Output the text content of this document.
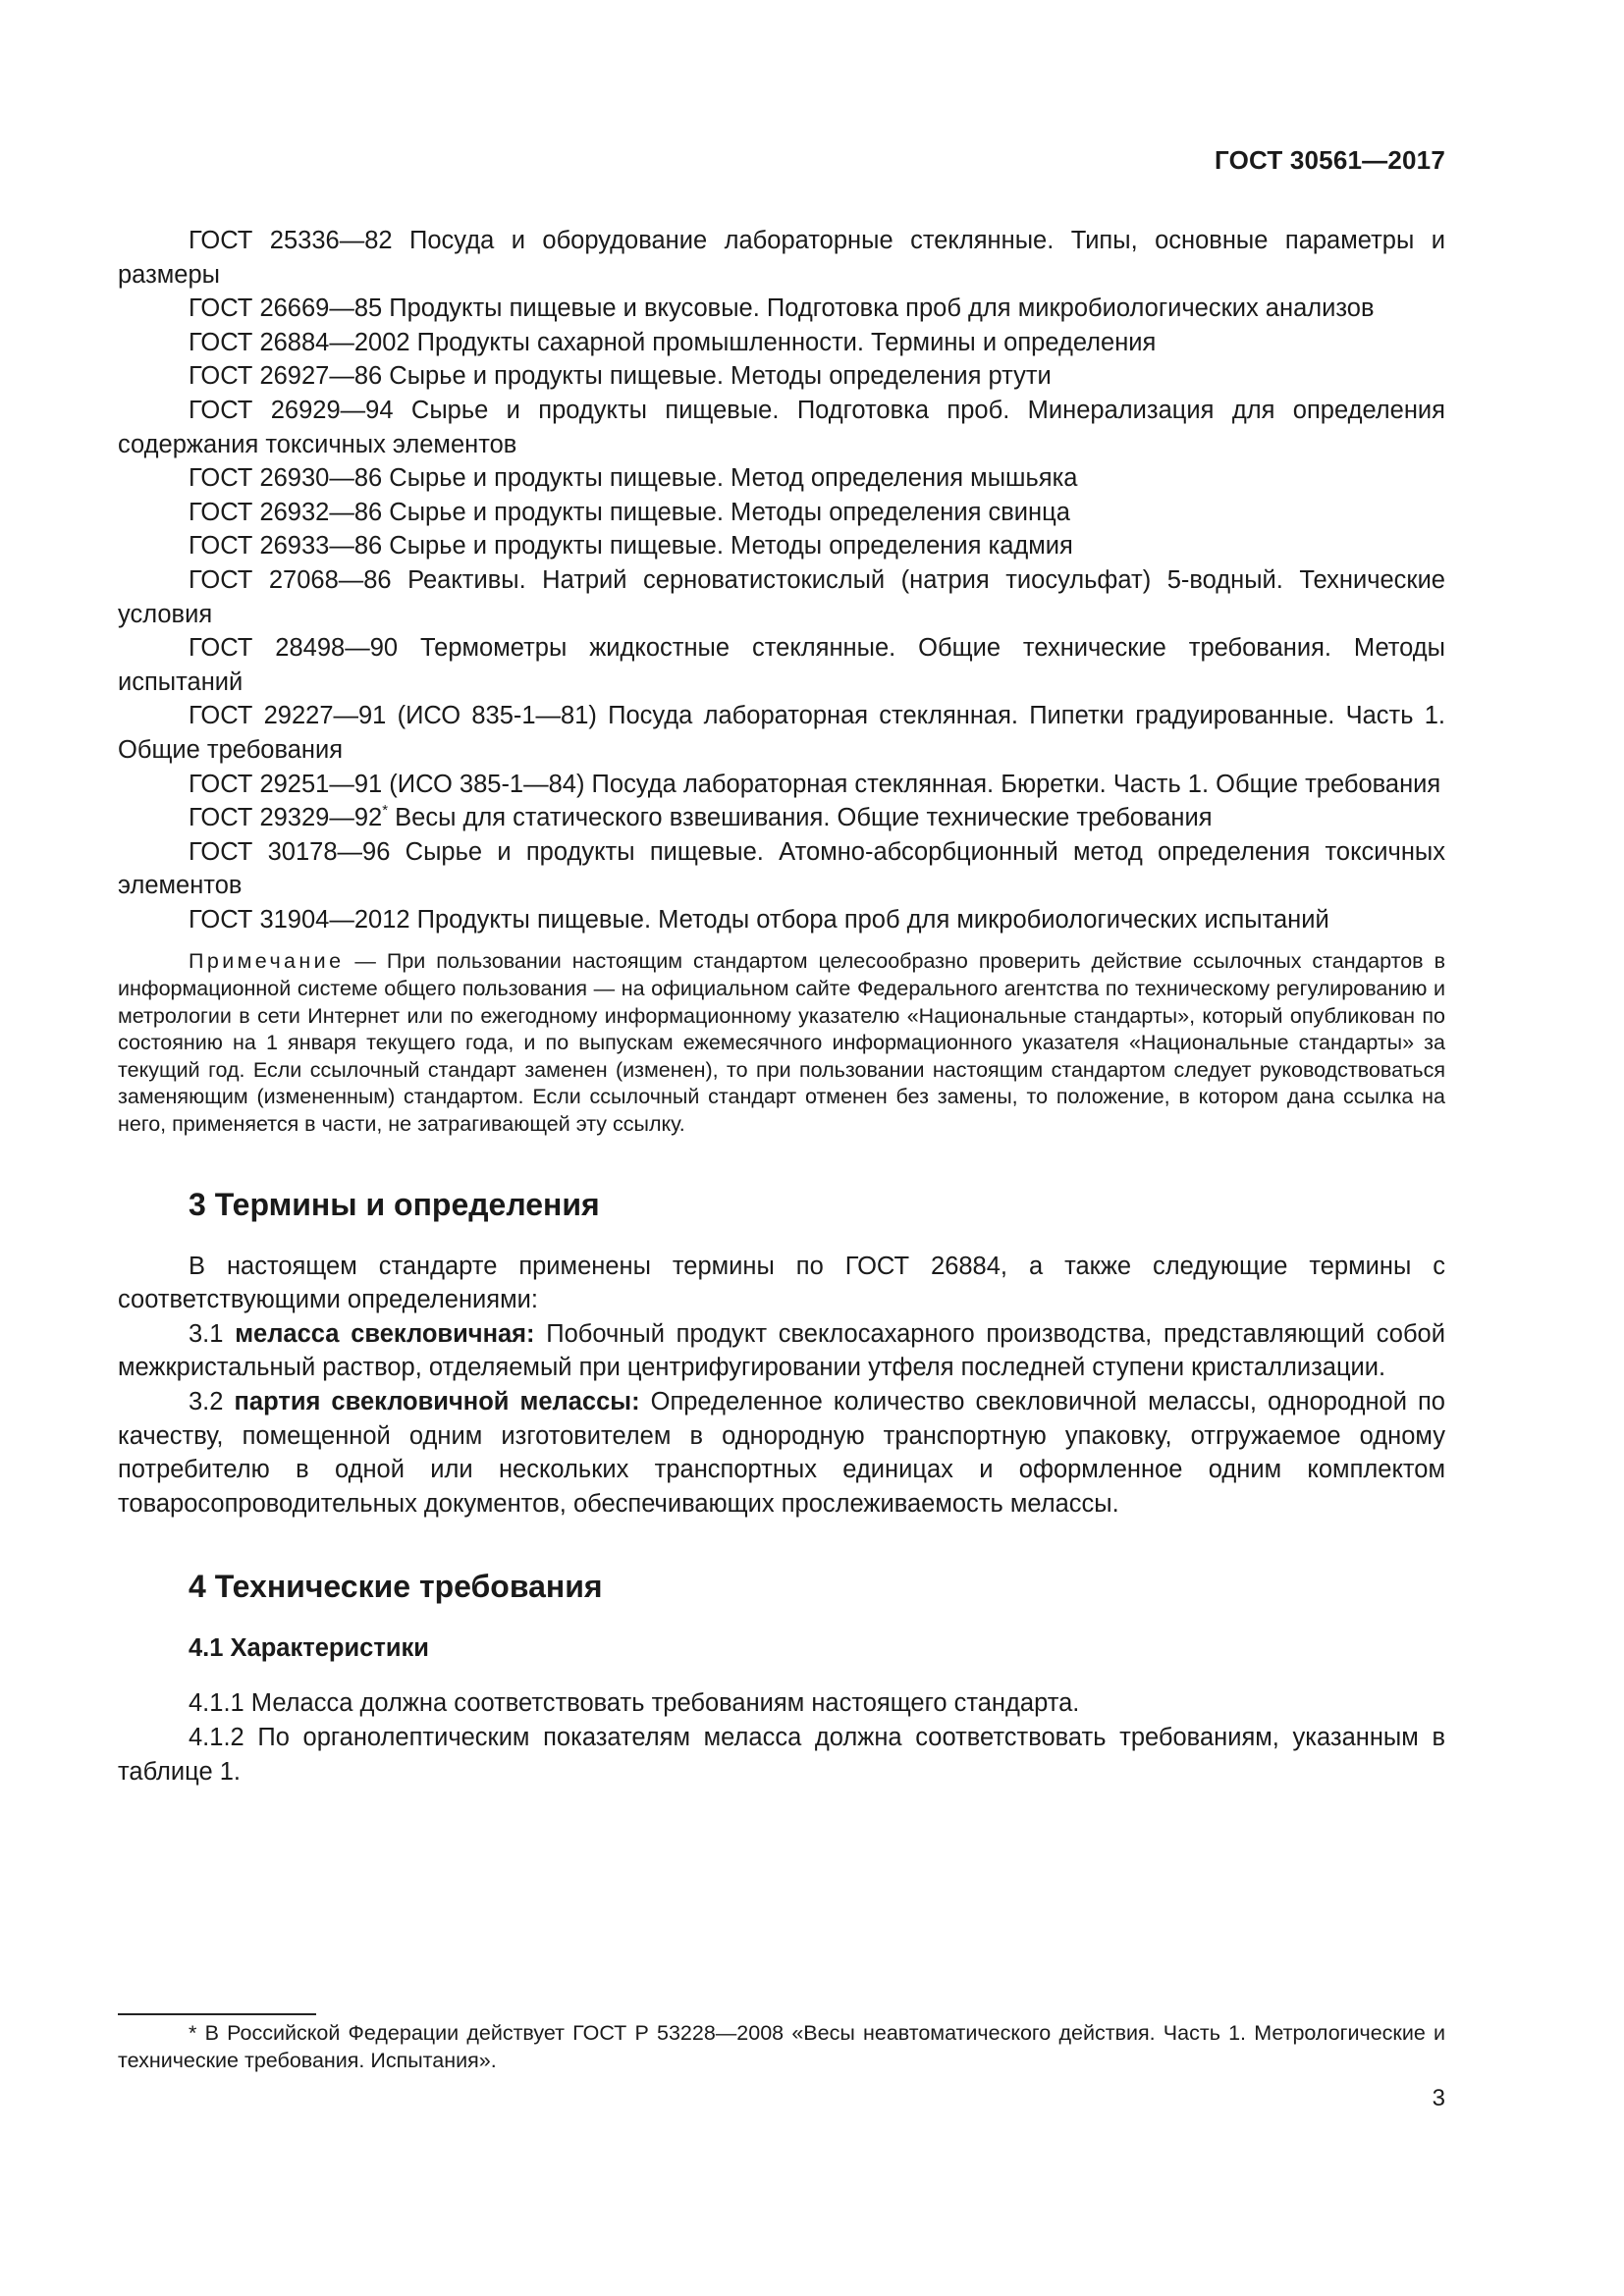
ГОСТ 30561—2017

ГОСТ 25336—82 Посуда и оборудование лабораторные стеклянные. Типы, основные параметры и размеры

ГОСТ 26669—85 Продукты пищевые и вкусовые. Подготовка проб для микробиологических анализов

ГОСТ 26884—2002 Продукты сахарной промышленности. Термины и определения

ГОСТ 26927—86 Сырье и продукты пищевые. Методы определения ртути

ГОСТ 26929—94 Сырье и продукты пищевые. Подготовка проб. Минерализация для определения содержания токсичных элементов

ГОСТ 26930—86 Сырье и продукты пищевые. Метод определения мышьяка

ГОСТ 26932—86 Сырье и продукты пищевые. Методы определения свинца

ГОСТ 26933—86 Сырье и продукты пищевые. Методы определения кадмия

ГОСТ 27068—86 Реактивы. Натрий серноватистокислый (натрия тиосульфат) 5-водный. Технические условия

ГОСТ 28498—90 Термометры жидкостные стеклянные. Общие технические требования. Методы испытаний

ГОСТ 29227—91 (ИСО 835-1—81) Посуда лабораторная стеклянная. Пипетки градуированные. Часть 1. Общие требования

ГОСТ 29251—91 (ИСО 385-1—84) Посуда лабораторная стеклянная. Бюретки. Часть 1. Общие требования

ГОСТ 29329—92* Весы для статического взвешивания. Общие технические требования

ГОСТ 30178—96 Сырье и продукты пищевые. Атомно-абсорбционный метод определения токсичных элементов

ГОСТ 31904—2012 Продукты пищевые. Методы отбора проб для микробиологических испытаний

Примечание — При пользовании настоящим стандартом целесообразно проверить действие ссылочных стандартов в информационной системе общего пользования — на официальном сайте Федерального агентства по техническому регулированию и метрологии в сети Интернет или по ежегодному информационному указателю «Национальные стандарты», который опубликован по состоянию на 1 января текущего года, и по выпускам ежемесячного информационного указателя «Национальные стандарты» за текущий год. Если ссылочный стандарт заменен (изменен), то при пользовании настоящим стандартом следует руководствоваться заменяющим (измененным) стандартом. Если ссылочный стандарт отменен без замены, то положение, в котором дана ссылка на него, применяется в части, не затрагивающей эту ссылку.
3 Термины и определения

В настоящем стандарте применены термины по ГОСТ 26884, а также следующие термины с соответствующими определениями:

3.1 меласса свекловичная: Побочный продукт свеклосахарного производства, представляющий собой межкристальный раствор, отделяемый при центрифугировании утфеля последней ступени кристаллизации.

3.2 партия свекловичной мелассы: Определенное количество свекловичной мелассы, однородной по качеству, помещенной одним изготовителем в однородную транспортную упаковку, отгружаемое одному потребителю в одной или нескольких транспортных единицах и оформленное одним комплектом товаросопроводительных документов, обеспечивающих прослеживаемость мелассы.

4 Технические требования
4.1 Характеристики

4.1.1 Меласса должна соответствовать требованиям настоящего стандарта.

4.1.2 По органолептическим показателям меласса должна соответствовать требованиям, указанным в таблице 1.

* В Российской Федерации действует ГОСТ Р 53228—2008 «Весы неавтоматического действия. Часть 1. Метрологические и технические требования. Испытания».
3
